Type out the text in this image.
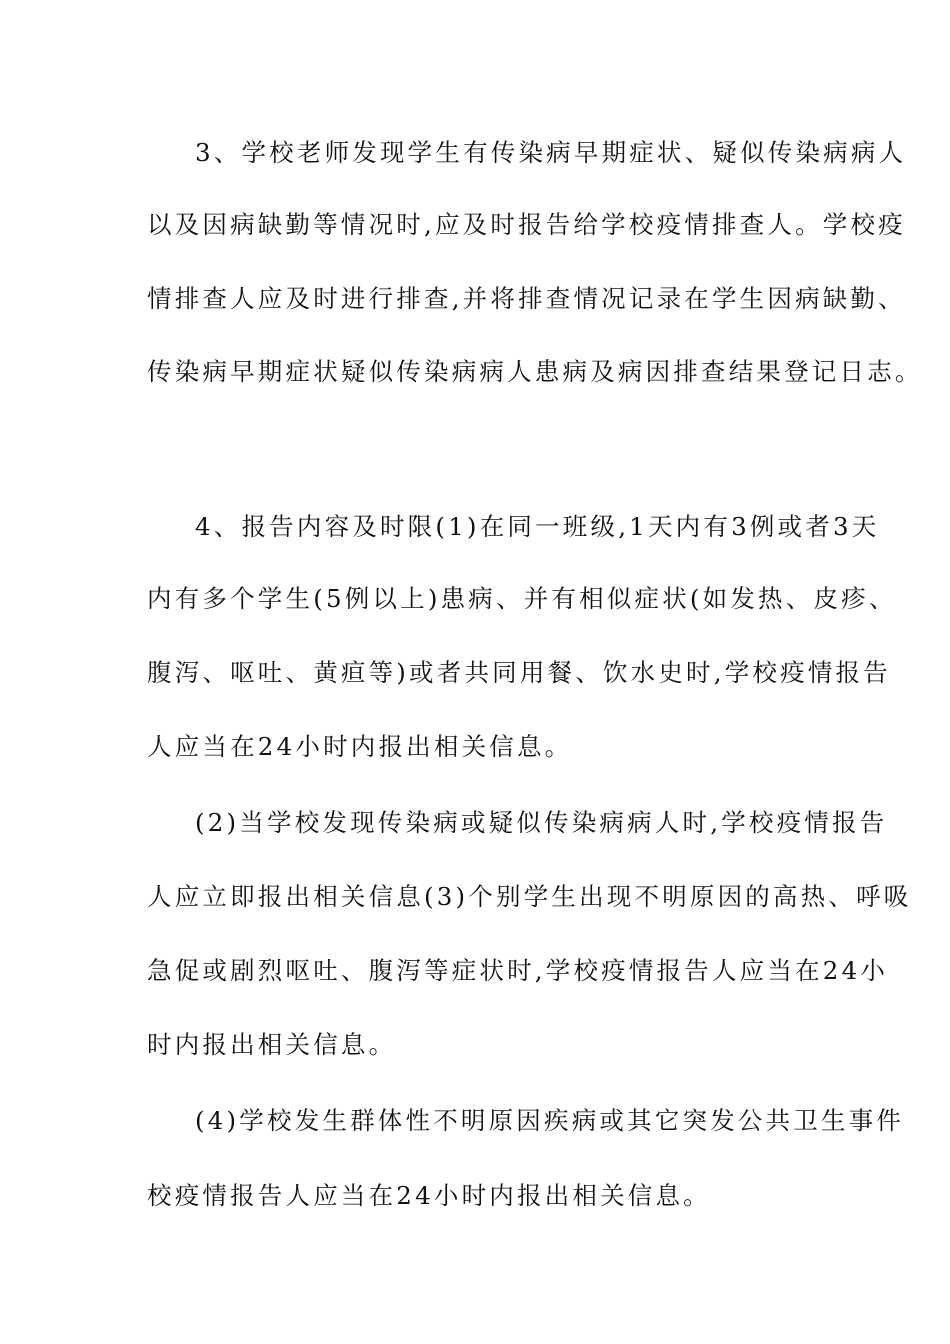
3、学校老师发现学生有传染病早期症状、疑似传染病病人
以及因病缺勤等情况时,应及时报告给学校疫情排查人。学校疫
情排查人应及时进行排查,并将排查情况记录在学生因病缺勤、
传染病早期症状疑似传染病病人患病及病因排查结果登记日志。
4、报告内容及时限(1)在同一班级,1天内有3例或者3天
内有多个学生(5例以上)患病、并有相似症状(如发热、皮疹、
腹泻、呕吐、黄疸等)或者共同用餐、饮水史时,学校疫情报告
人应当在24小时内报出相关信息。
(2)当学校发现传染病或疑似传染病病人时,学校疫情报告
人应立即报出相关信息(3)个别学生出现不明原因的高热、呼吸
急促或剧烈呕吐、腹泻等症状时,学校疫情报告人应当在24小
时内报出相关信息。
(4)学校发生群体性不明原因疾病或其它突发公共卫生事件
校疫情报告人应当在24小时内报出相关信息。
